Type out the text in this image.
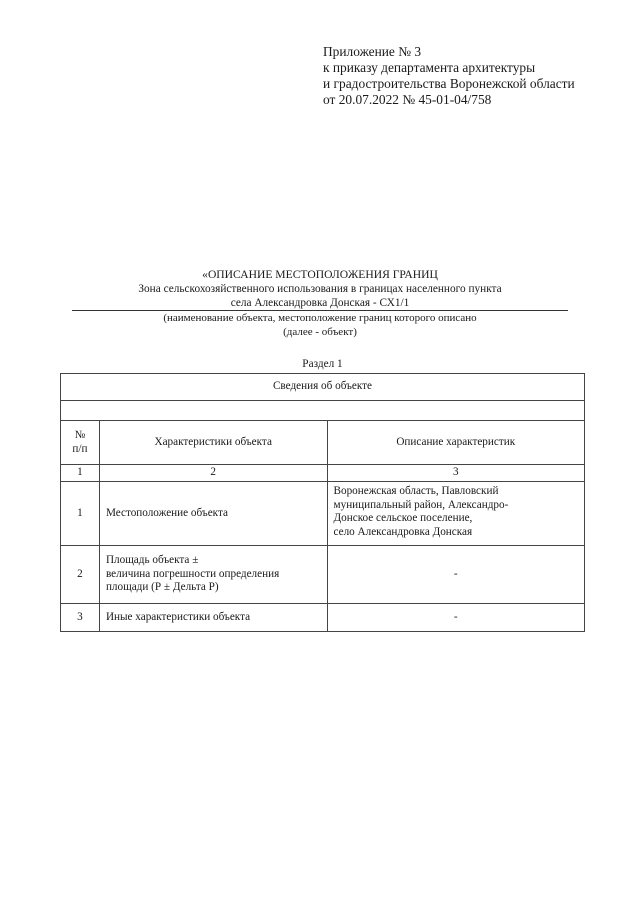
Приложение № 3
к приказу департамента архитектуры
и градостроительства Воронежской области
от 20.07.2022 № 45-01-04/758
«ОПИСАНИЕ МЕСТОПОЛОЖЕНИЯ ГРАНИЦ
Зона сельскохозяйственного использования в границах населенного пункта
села Александровка Донская - СХ1/1
(наименование объекта, местоположение границ которого описано
(далее - объект)
Раздел 1
Сведения об объекте		

№
п/п	Характеристики объекта	Описание характеристик
1	2	3
1	Местоположение объекта	Воронежская область, Павловский
муниципальный район, Александро-
Донское сельское поселение,
село Александровка Донская

2	Площадь объекта ±
величина погрешности определения
площади (Р ± Дельта Р)	-
3	Иные характеристики объекта	-
